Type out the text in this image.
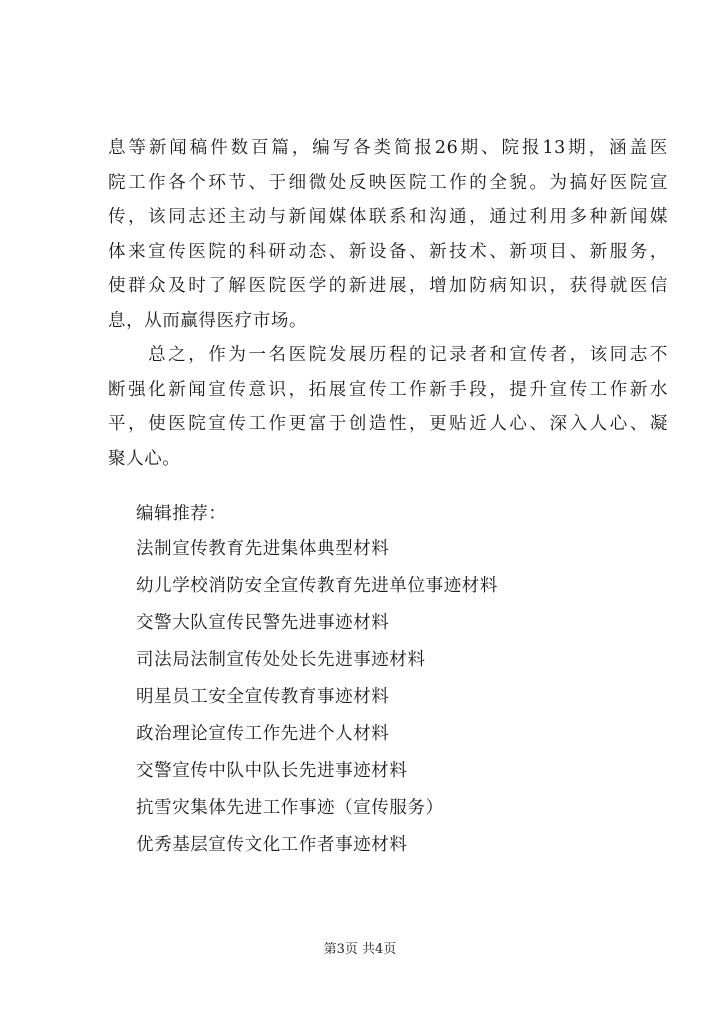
息等新闻稿件数百篇，编写各类简报26期、院报13期，涵盖医
院工作各个环节、于细微处反映医院工作的全貌。为搞好医院宣
传，该同志还主动与新闻媒体联系和沟通，通过利用多种新闻媒
体来宣传医院的科研动态、新设备、新技术、新项目、新服务，
使群众及时了解医院医学的新进展，增加防病知识，获得就医信
息，从而赢得医疗市场。
　　总之，作为一名医院发展历程的记录者和宣传者，该同志不
断强化新闻宣传意识，拓展宣传工作新手段，提升宣传工作新水
平，使医院宣传工作更富于创造性，更贴近人心、深入人心、凝
聚人心。
编辑推荐：
法制宣传教育先进集体典型材料
幼儿学校消防安全宣传教育先进单位事迹材料
交警大队宣传民警先进事迹材料
司法局法制宣传处处长先进事迹材料
明星员工安全宣传教育事迹材料
政治理论宣传工作先进个人材料
交警宣传中队中队长先进事迹材料
抗雪灾集体先进工作事迹（宣传服务）
优秀基层宣传文化工作者事迹材料
第3页 共4页
